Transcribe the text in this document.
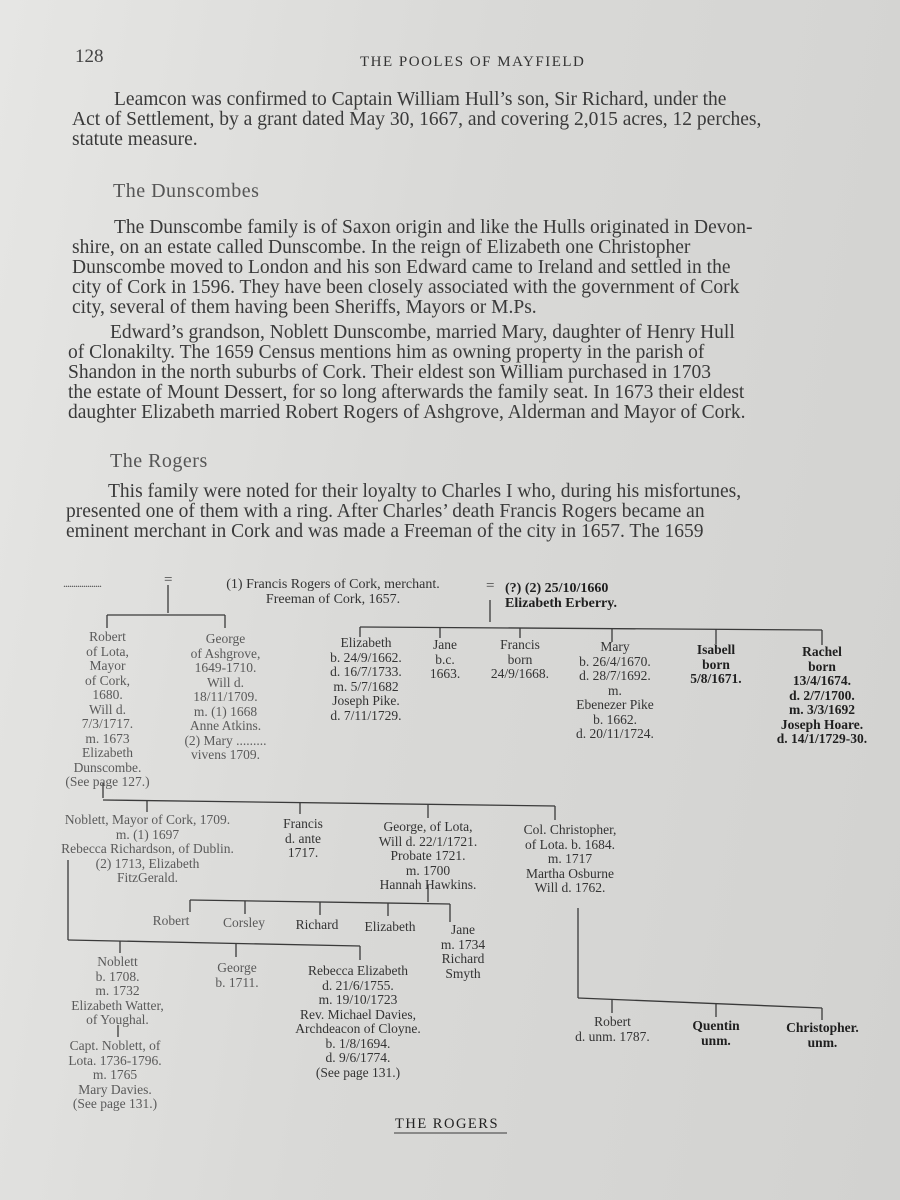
128	THE POOLES OF MAYFIELD
Leamcon was confirmed to Captain William Hull’s son, Sir Richard, under the
Act of Settlement, by a grant dated May 30, 1667, and covering 2,015 acres, 12 perches,
statute measure.
The Dunscombes
The Dunscombe family is of Saxon origin and like the Hulls originated in Devon-
shire, on an estate called Dunscombe. In the reign of Elizabeth one Christopher
Dunscombe moved to London and his son Edward came to Ireland and settled in the
city of Cork in 1596. They have been closely associated with the government of Cork
city, several of them having been Sheriffs, Mayors or M.Ps.
Edward’s grandson, Noblett Dunscombe, married Mary, daughter of Henry Hull
of Clonakilty. The 1659 Census mentions him as owning property in the parish of
Shandon in the north suburbs of Cork. Their eldest son William purchased in 1703
the estate of Mount Dessert, for so long afterwards the family seat. In 1673 their eldest
daughter Elizabeth married Robert Rogers of Ashgrove, Alderman and Mayor of Cork.
The Rogers
This family were noted for their loyalty to Charles I who, during his misfortunes,
presented one of them with a ring. After Charles’ death Francis Rogers became an
eminent merchant in Cork and was made a Freeman of the city in 1657. The 1659
...................	=	=
(1) Francis Rogers of Cork, merchant.
Freeman of Cork, 1657.
(?) (2) 25/10/1660
Elizabeth Erberry.
Robert
of Lota,
Mayor
of Cork,
1680.
Will d.
7/3/1717.
m. 1673
Elizabeth
Dunscombe.
(See page 127.)
George
of Ashgrove,
1649-1710.
Will d.
18/11/1709.
m. (1) 1668
Anne Atkins.
(2) Mary .........
vivens 1709.
Elizabeth
b. 24/9/1662.
d. 16/7/1733.
m. 5/7/1682
Joseph Pike.
d. 7/11/1729.
Jane
b.c.
1663.
Francis
born
24/9/1668.
Mary
b. 26/4/1670.
d. 28/7/1692.
m.
Ebenezer Pike
b. 1662.
d. 20/11/1724.
Isabell
born
5/8/1671.
Rachel
born
13/4/1674.
d. 2/7/1700.
m. 3/3/1692
Joseph Hoare.
d. 14/1/1729-30.
Noblett, Mayor of Cork, 1709.
m. (1) 1697
Rebecca Richardson, of Dublin.
(2) 1713, Elizabeth
FitzGerald.
Francis
d. ante
1717.
George, of Lota,
Will d. 22/1/1721.
Probate 1721.
m. 1700
Hannah Hawkins.
Col. Christopher,
of Lota. b. 1684.
m. 1717
Martha Osburne
Will d. 1762.
Robert	Corsley	Richard	Elizabeth	Jane
m. 1734
Richard
Smyth
Noblett
b. 1708.
m. 1732
Elizabeth Watter,
of Youghal.
Capt. Noblett, of
Lota. 1736-1796.
m. 1765
Mary Davies.
(See page 131.)
George
b. 1711.
Rebecca Elizabeth
d. 21/6/1755.
m. 19/10/1723
Rev. Michael Davies,
Archdeacon of Cloyne.
b. 1/8/1694.
d. 9/6/1774.
(See page 131.)
Robert
d. unm. 1787.
Quentin
unm.
Christopher.
unm.
THE ROGERS
